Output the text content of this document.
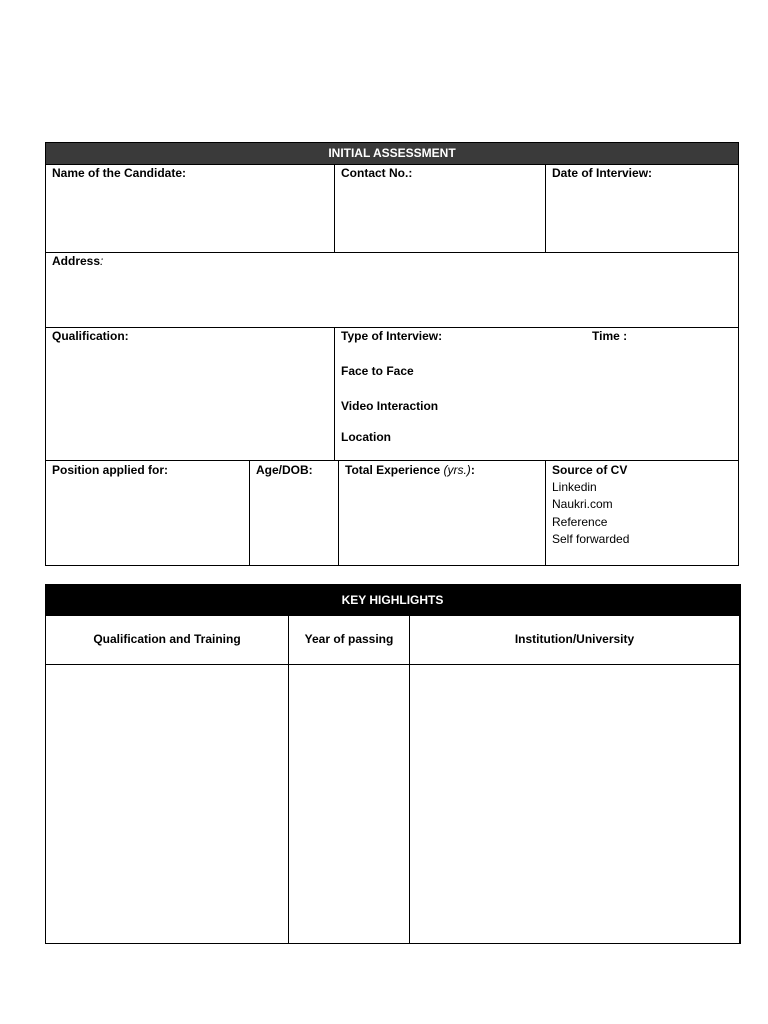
INITIAL ASSESSMENT
Name of the Candidate:	Contact No.:	Date of Interview:
Address:
Qualification:	Type of Interview:	Time :
Face to Face
Video Interaction
Location
Position applied for:	Age/DOB:	Total Experience (yrs.):	Source of CV
Linkedin
Naukri.com
Reference
Self forwarded
KEY HIGHLIGHTS
Qualification and Training	Year of passing	Institution/University
